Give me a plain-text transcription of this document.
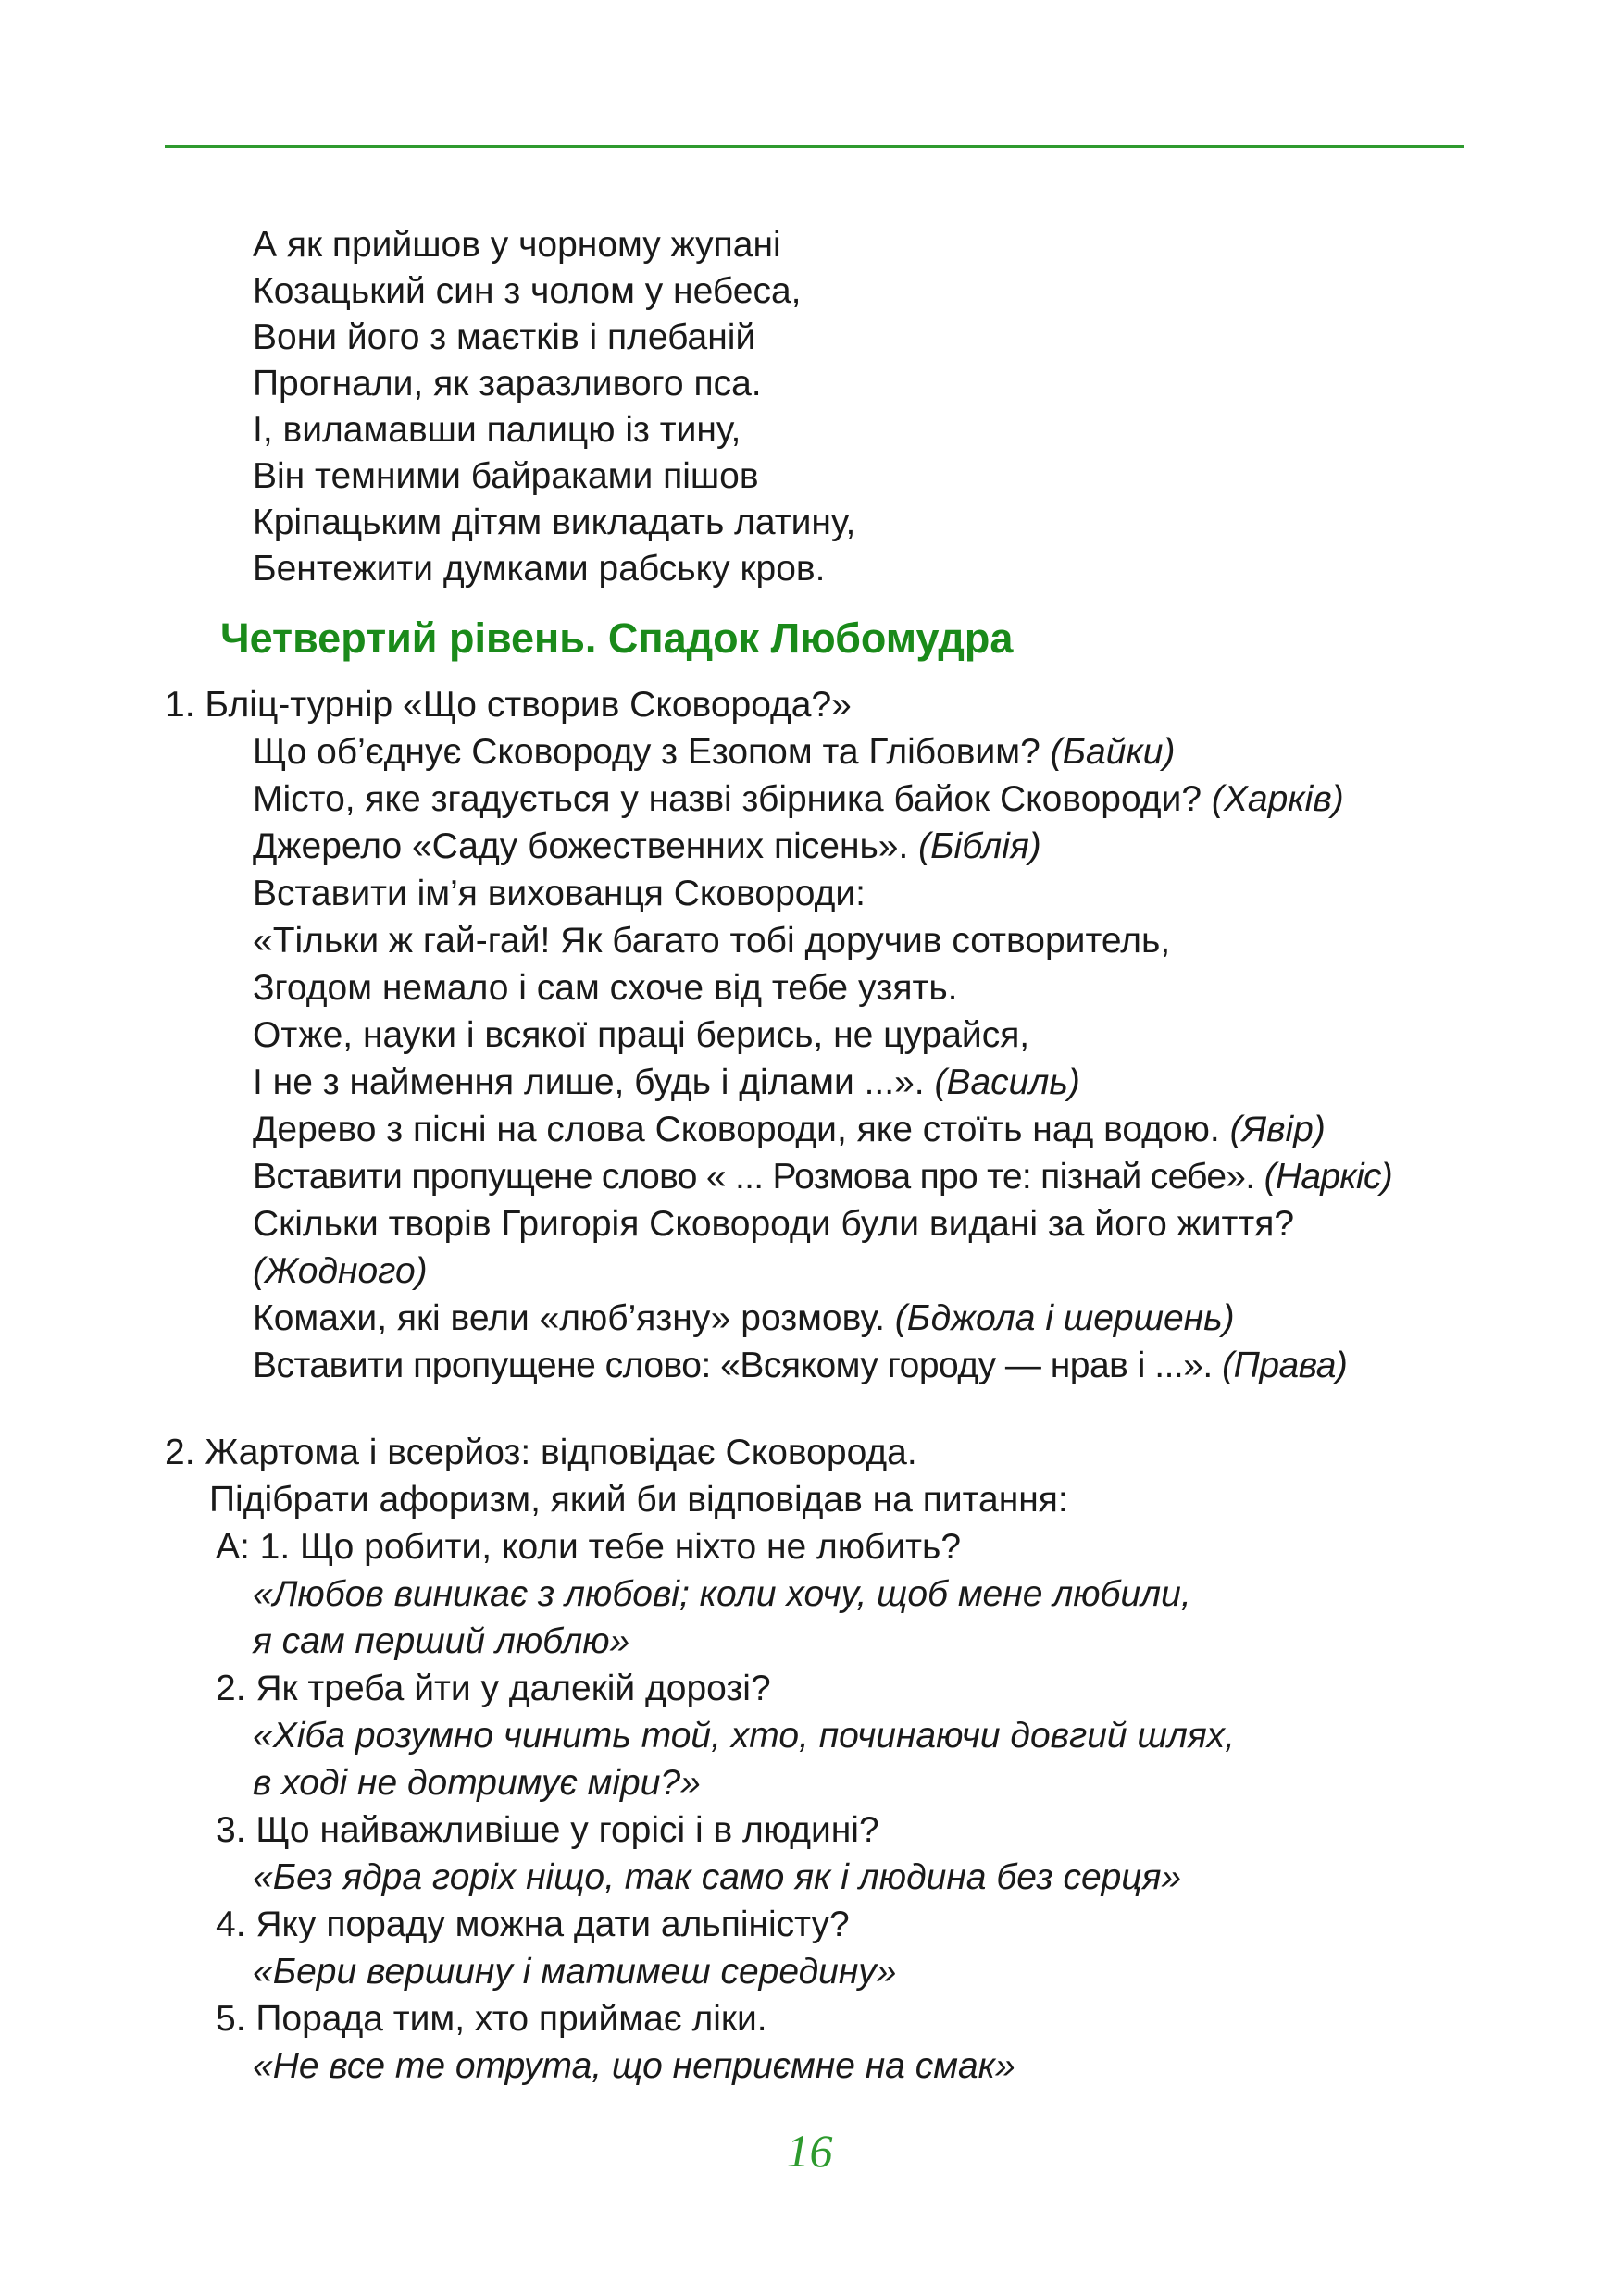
А як прийшов у чорному жупані
Козацький син з чолом у небеса,
Вони його з маєтків і плебаній
Прогнали, як заразливого пса.
І, виламавши палицю із тину,
Він темними байраками пішов
Кріпацьким дітям викладать латину,
Бентежити думками рабську кров.
Четвертий рівень. Спадок Любомудра
1. Бліц-турнір «Що створив Сковорода?»
Що об’єднує Сковороду з Езопом та Глібовим? (Байки)
Місто, яке згадується у назві збірника байок Сковороди? (Харків)
Джерело «Саду божественних пісень». (Біблія)
Вставити ім’я вихованця Сковороди:
«Тільки ж гай-гай! Як багато тобі доручив сотворитель,
Згодом немало і сам схоче від тебе узять.
Отже, науки і всякої праці берись, не цурайся,
І не з наймення лише, будь і ділами ...». (Василь)
Дерево з пісні на слова Сковороди, яке стоїть над водою. (Явір)
Вставити пропущене слово « ... Розмова про те: пізнай себе». (Наркіс)
Скільки творів Григорія Сковороди були видані за його життя?
(Жодного)
Комахи, які вели «люб’язну» розмову. (Бджола і шершень)
Вставити пропущене слово: «Всякому городу — нрав і ...». (Права)
2. Жартома і всерйоз: відповідає Сковорода.
Підібрати афоризм, який би відповідав на питання:
А: 1. Що робити, коли тебе ніхто не любить?
«Любов виникає з любові; коли хочу, щоб мене любили,
я сам перший люблю»
2. Як треба йти у далекій дорозі?
«Хіба розумно чинить той, хто, починаючи довгий шлях,
в ході не дотримує міри?»
3. Що найважливіше у горісі і в людині?
«Без ядра горіх ніщо, так само як і людина без серця»
4. Яку пораду можна дати альпіністу?
«Бери вершину і матимеш середину»
5. Порада тим, хто приймає ліки.
«Не все те отрута, що неприємне на смак»
16
